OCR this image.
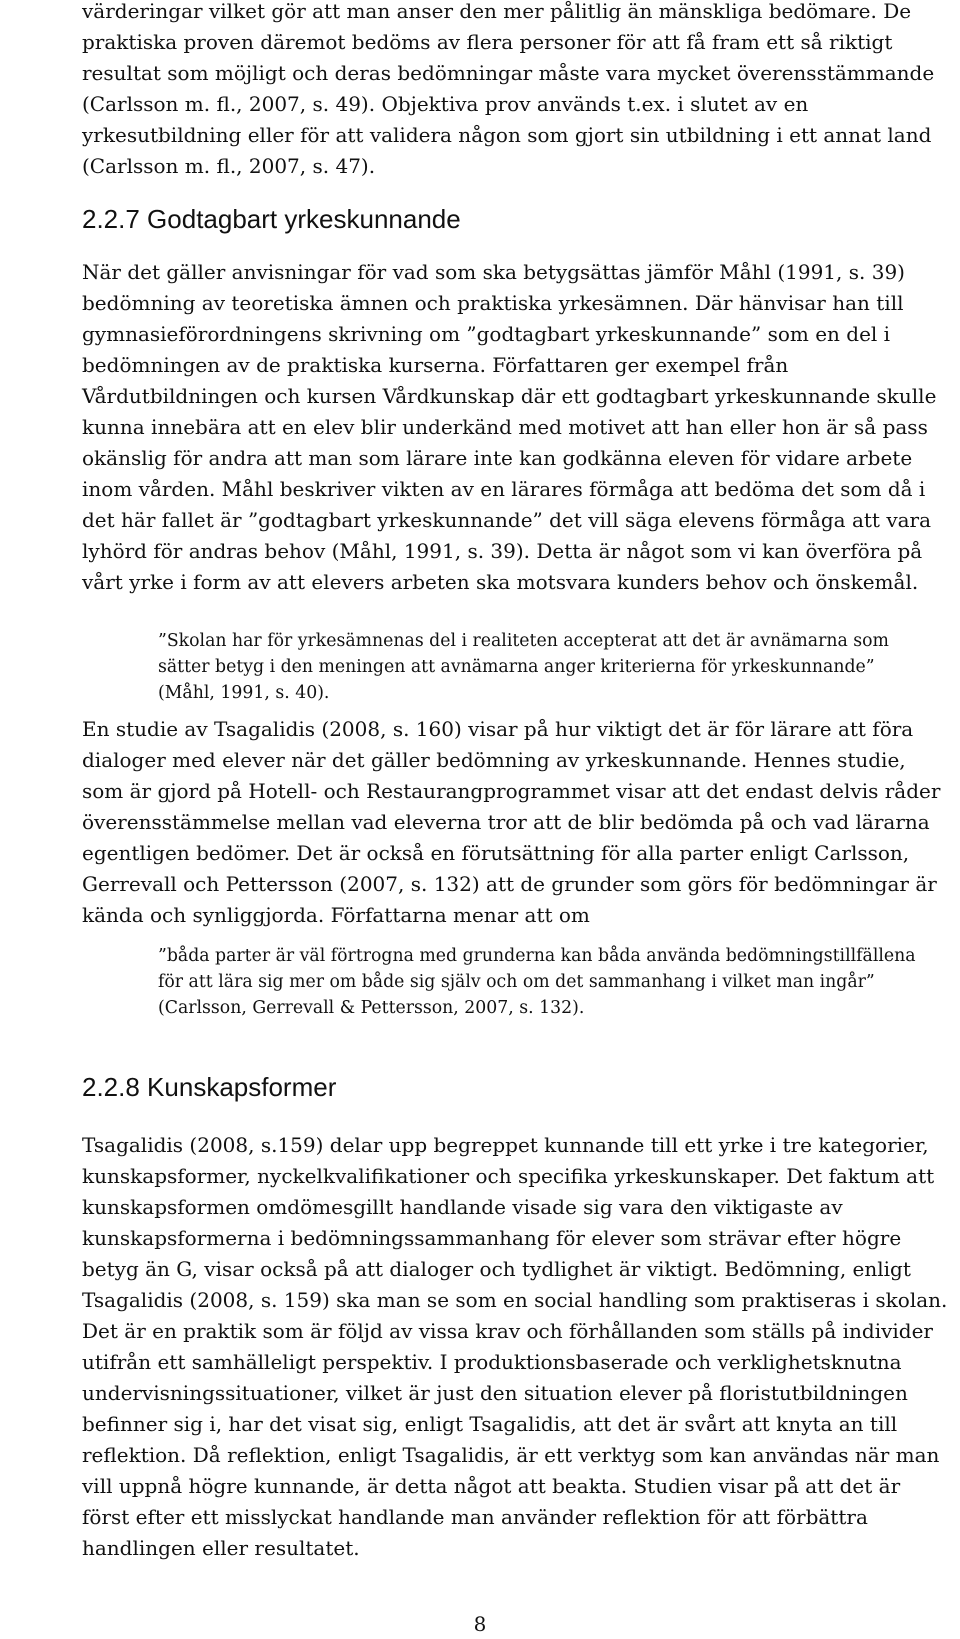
värderingar vilket gör att man anser den mer pålitlig än mänskliga bedömare. De praktiska proven däremot bedöms av flera personer för att få fram ett så riktigt resultat som möjligt och deras bedömningar måste vara mycket överensstämmande (Carlsson m. fl., 2007, s. 49). Objektiva prov används t.ex. i slutet av en yrkesutbildning eller för att validera någon som gjort sin utbildning i ett annat land (Carlsson m. fl., 2007, s. 47).

2.2.7 Godtagbart yrkeskunnande

När det gäller anvisningar för vad som ska betygsättas jämför Måhl (1991, s. 39) bedömning av teoretiska ämnen och praktiska yrkesämnen. Där hänvisar han till gymnasieförordningens skrivning om ”godtagbart yrkeskunnande” som en del i bedömningen av de praktiska kurserna. Författaren ger exempel från Vårdutbildningen och kursen Vårdkunskap där ett godtagbart yrkeskunnande skulle kunna innebära att en elev blir underkänd med motivet att han eller hon är så pass okänslig för andra att man som lärare inte kan godkänna eleven för vidare arbete inom vården. Måhl beskriver vikten av en lärares förmåga att bedöma det som då i det här fallet är ”godtagbart yrkeskunnande” det vill säga elevens förmåga att vara lyhörd för andras behov (Måhl, 1991, s. 39). Detta är något som vi kan överföra på vårt yrke i form av att elevers arbeten ska motsvara kunders behov och önskemål.

”Skolan har för yrkesämnenas del i realiteten accepterat att det är avnämarna som sätter betyg i den meningen att avnämarna anger kriterierna för yrkeskunnande” (Måhl, 1991, s. 40).

En studie av Tsagalidis (2008, s. 160) visar på hur viktigt det är för lärare att föra dialoger med elever när det gäller bedömning av yrkeskunnande. Hennes studie, som är gjord på Hotell- och Restaurangprogrammet visar att det endast delvis råder överensstämmelse mellan vad eleverna tror att de blir bedömda på och vad lärarna egentligen bedömer. Det är också en förutsättning för alla parter enligt Carlsson, Gerrevall och Pettersson (2007, s. 132) att de grunder som görs för bedömningar är kända och synliggjorda. Författarna menar att om

”båda parter är väl förtrogna med grunderna kan båda använda bedömningstillfällena för att lära sig mer om både sig själv och om det sammanhang i vilket man ingår” (Carlsson, Gerrevall & Pettersson, 2007, s. 132).

2.2.8 Kunskapsformer

Tsagalidis (2008, s.159) delar upp begreppet kunnande till ett yrke i tre kategorier, kunskapsformer, nyckelkvalifikationer och specifika yrkeskunskaper. Det faktum att kunskapsformen omdömesgillt handlande visade sig vara den viktigaste av kunskapsformerna i bedömningssammanhang för elever som strävar efter högre betyg än G, visar också på att dialoger och tydlighet är viktigt. Bedömning, enligt Tsagalidis (2008, s. 159) ska man se som en social handling som praktiseras i skolan. Det är en praktik som är följd av vissa krav och förhållanden som ställs på individer utifrån ett samhälleligt perspektiv. I produktionsbaserade och verklighetsknutna undervisningssituationer, vilket är just den situation elever på floristutbildningen befinner sig i, har det visat sig, enligt Tsagalidis, att det är svårt att knyta an till reflektion. Då reflektion, enligt Tsagalidis, är ett verktyg som kan användas när man vill uppnå högre kunnande, är detta något att beakta. Studien visar på att det är först efter ett misslyckat handlande man använder reflektion för att förbättra handlingen eller resultatet.

8
